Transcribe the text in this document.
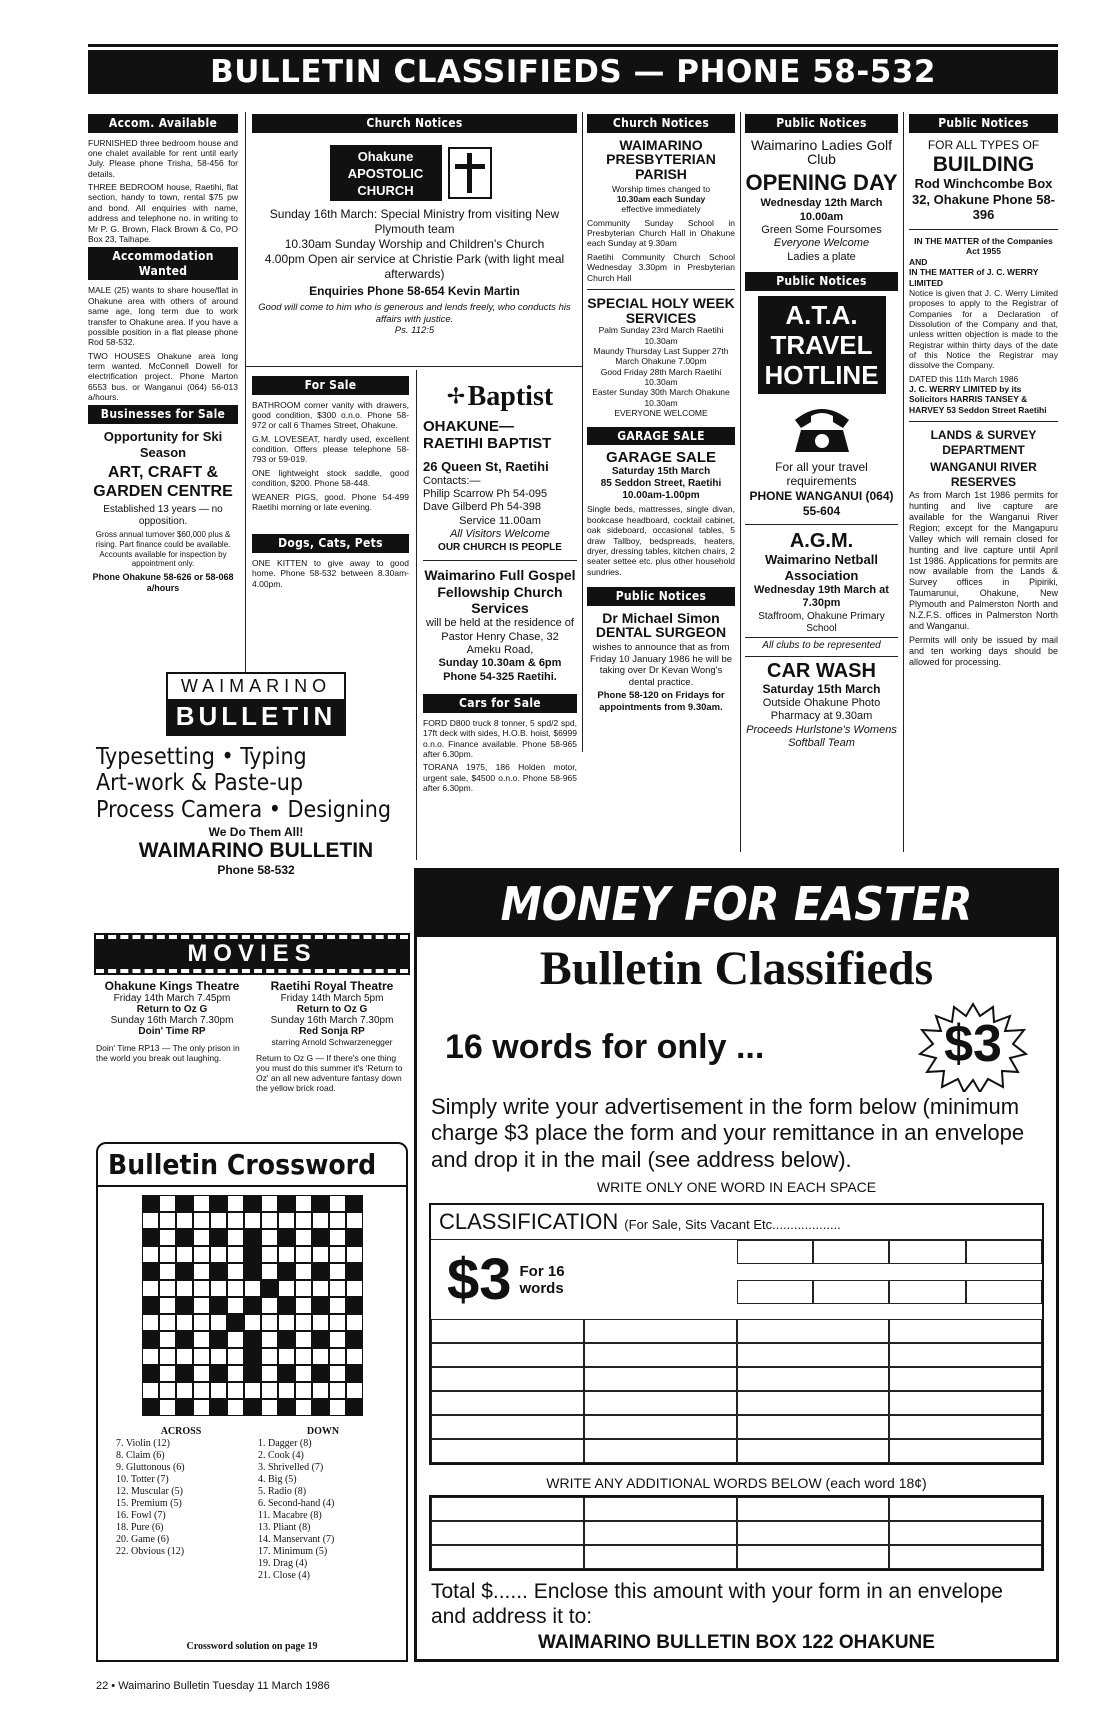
BULLETIN CLASSIFIEDS — PHONE 58-532
Accom. Available

FURNISHED three bedroom house and one chalet available for rent until early July. Please phone Trisha, 58-456 for details.

THREE BEDROOM house, Raetihi, flat section, handy to town, rental $75 pw and bond. All enquiries with name, address and telephone no. in writing to Mr P. G. Brown, Flack Brown & Co, PO Box 23, Taihape.

Accommodation Wanted

MALE (25) wants to share house/flat in Ohakune area with others of around same age, long term due to work transfer to Ohakune area. If you have a possible position in a flat please phone Rod 58-532.

TWO HOUSES Ohakune area long term wanted. McConnell Dowell for electrification project. Phone Marton 6553 bus. or Wanganui (064) 56-013 a/hours.

Businesses for Sale
Opportunity for Ski Season
ART, CRAFT & GARDEN CENTRE
Established 13 years — no opposition.
Gross annual turnover $60,000 plus & rising. Part finance could be available. Accounts available for inspection by appointment only.
Phone Ohakune 58-626 or 58-068 a/hours
Church Notices
Ohakune
APOSTOLIC
CHURCH
Sunday 16th March: Special Ministry from visiting New Plymouth team
10.30am Sunday Worship and Children's Church
4.00pm Open air service at Christie Park (with light meal afterwards)
Enquiries Phone 58-654 Kevin Martin
Good will come to him who is generous and lends freely, who conducts his affairs with justice.
Ps. 112:5
For Sale

BATHROOM corner vanity with drawers, good condition, $300 o.n.o. Phone 58-972 or call 6 Thames Street, Ohakune.

G.M. LOVESEAT, hardly used, excellent condition. Offers please telephone 58-793 or 59-019.

ONE lightweight stock saddle, good condition, $200. Phone 58-448.

WEANER PIGS, good. Phone 54-499 Raetihi morning or late evening.

Dogs, Cats, Pets

ONE KITTEN to give away to good home. Phone 58-532 between 8.30am-4.00pm.

✢ Baptist
OHAKUNE— RAETIHI BAPTIST
26 Queen St, Raetihi
Contacts:—
Philip Scarrow Ph 54-095
Dave Gilberd Ph 54-398
Service 11.00am
All Visitors Welcome
OUR CHURCH IS PEOPLE
Waimarino Full Gospel Fellowship Church Services
will be held at the residence of Pastor Henry Chase, 32 Ameku Road,
Sunday 10.30am & 6pm
Phone 54-325 Raetihi.
Cars for Sale

FORD D800 truck 8 tonner, 5 spd/2 spd, 17ft deck with sides, H.O.B. hoist, $6999 o.n.o. Finance available. Phone 58-965 after 6.30pm.

TORANA 1975, 186 Holden motor, urgent sale, $4500 o.n.o. Phone 58-965 after 6.30pm.

Church Notices
WAIMARINO PRESBYTERIAN PARISH
Worship times changed to
10.30am each Sunday
effective immediately

Community Sunday School in Presbyterian Church Hall in Ohakune each Sunday at 9.30am

Raetihi Community Church School Wednesday 3.30pm in Presbyterian Church Hall

SPECIAL HOLY WEEK SERVICES
Palm Sunday 23rd March Raetihi 10.30am
Maundy Thursday Last Supper 27th March Ohakune 7.00pm
Good Friday 28th March Raetihi 10.30am
Easter Sunday 30th March Ohakune 10.30am
EVERYONE WELCOME
GARAGE SALE
GARAGE SALE
Saturday 15th March
85 Seddon Street, Raetihi
10.00am-1.00pm

Single beds, mattresses, single divan, bookcase headboard, cocktail cabinet, oak sideboard, occasional tables, 5 draw Tallboy, bedspreads, heaters, dryer, dressing tables, kitchen chairs, 2 seater settee etc. plus other household sundries.

Public Notices
Dr Michael Simon DENTAL SURGEON
wishes to announce that as from Friday 10 January 1986 he will be taking over Dr Kevan Wong's dental practice.
Phone 58-120 on Fridays for appointments from 9.30am.
Public Notices
Waimarino Ladies Golf Club
OPENING DAY
Wednesday 12th March
10.00am
Green Some Foursomes
Everyone Welcome
Ladies a plate
Public Notices
A.T.A.
TRAVEL
HOTLINE
For all your travel requirements
PHONE WANGANUI (064) 55-604
A.G.M.
Waimarino Netball Association
Wednesday 19th March at 7.30pm
Staffroom, Ohakune Primary School
All clubs to be represented
CAR WASH
Saturday 15th March
Outside Ohakune Photo Pharmacy at 9.30am
Proceeds Hurlstone's Womens Softball Team
Public Notices
FOR ALL TYPES OF
BUILDING
Rod Winchcombe Box 32, Ohakune Phone 58-396
IN THE MATTER of the Companies Act 1955
AND
IN THE MATTER of J. C. WERRY LIMITED

Notice is given that J. C. Werry Limited proposes to apply to the Registrar of Companies for a Declaration of Dissolution of the Company and that, unless written objection is made to the Registrar within thirty days of the date of this Notice the Registrar may dissolve the Company.

DATED this 11th March 1986
J. C. WERRY LIMITED by its Solicitors HARRIS TANSEY & HARVEY 53 Seddon Street Raetihi
LANDS & SURVEY DEPARTMENT
WANGANUI RIVER RESERVES

As from March 1st 1986 permits for hunting and live capture are available for the Wanganui River Region; except for the Mangapuru Valley which will remain closed for hunting and live capture until April 1st 1986. Applications for permits are now available from the Lands & Survey offices in Pipiriki, Taumarunui, Ohakune, New Plymouth and Palmerston North and N.Z.F.S. offices in Palmerston North and Wanganui.

Permits will only be issued by mail and ten working days should be allowed for processing.

WAIMARINO
BULLETIN
Typesetting • Typing
Art-work & Paste-up
Process Camera • Designing
We Do Them All!
WAIMARINO BULLETIN
Phone 58-532
MOVIES
Ohakune Kings Theatre
Friday 14th March 7.45pm
Return to Oz G
Sunday 16th March 7.30pm
Doin' Time RP
Doin' Time RP13 — The only prison in the world you break out laughing.
Raetihi Royal Theatre
Friday 14th March 5pm
Return to Oz G
Sunday 16th March 7.30pm
Red Sonja RP
starring Arnold Schwarzenegger
Return to Oz G — If there's one thing you must do this summer it's 'Return to Oz' an all new adventure fantasy down the yellow brick road.
Bulletin Crossword
ACROSS
7. Violin (12)
8. Claim (6)
9. Gluttonous (6)
10. Totter (7)
12. Muscular (5)
15. Premium (5)
16. Fowl (7)
18. Pure (6)
20. Game (6)
22. Obvious (12)
DOWN
1. Dagger (8)
2. Cook (4)
3. Shrivelled (7)
4. Big (5)
5. Radio (8)
6. Second-hand (4)
11. Macabre (8)
13. Pliant (8)
14. Manservant (7)
17. Minimum (5)
19. Drag (4)
21. Close (4)
Crossword solution on page 19
MONEY FOR EASTER
Bulletin Classifieds
16 words for only ...	$3
Simply write your advertisement in the form below (minimum charge $3 place the form and your remittance in an envelope and drop it in the mail (see address below).
WRITE ONLY ONE WORD IN EACH SPACE
CLASSIFICATION (For Sale, Sits Vacant Etc...................
$3 For 16 words
WRITE ANY ADDITIONAL WORDS BELOW (each word 18¢)
Total $...... Enclose this amount with your form in an envelope and address it to:
WAIMARINO BULLETIN BOX 122 OHAKUNE
22 • Waimarino Bulletin Tuesday 11 March 1986
